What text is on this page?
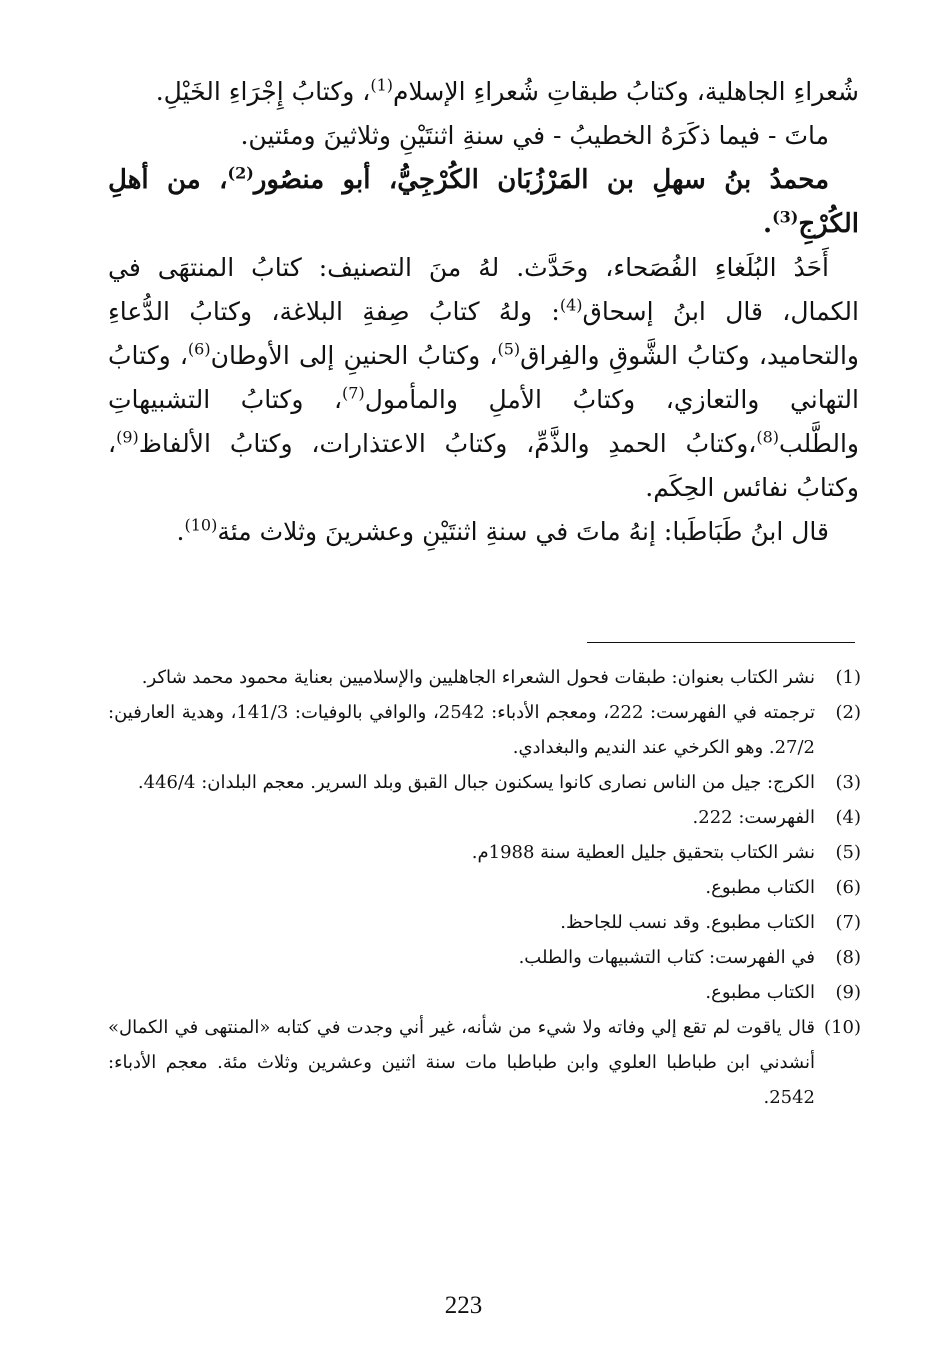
شُعراءِ الجاهلية، وكتابُ طبقاتِ شُعراءِ الإسلام$^{(1)}$، وكتابُ إِجْرَاءِ الخَيْلِ.

ماتَ - فيما ذكَرَهُ الخطيبُ - في سنةِ اثنتَيْنِ وثلاثينَ ومئتين.

محمدُ بنُ سهلِ بن المَرْزُبَان الكُرْجِيُّ، أبو منصُور$^{(2)}$، من أهلِ الكُرْجِ$^{(3)}$.

أَحَدُ البُلَغاءِ الفُصَحاء، وحَدَّث. لهُ منَ التصنيف: كتابُ المنتهَى في الكمال، قال ابنُ إسحاق$^{(4)}$: ولهُ كتابُ صِفةِ البلاغة، وكتابُ الدُّعاءِ والتحاميد، وكتابُ الشَّوقِ والفِراق$^{(5)}$، وكتابُ الحنينِ إلى الأوطان$^{(6)}$، وكتابُ التهاني والتعازي، وكتابُ الأملِ والمأمول$^{(7)}$، وكتابُ التشبيهاتِ والطَّلب$^{(8)}$،وكتابُ الحمدِ والذَّمِّ، وكتابُ الاعتذارات، وكتابُ الألفاظ$^{(9)}$، وكتابُ نفائس الحِكَم.

قال ابنُ طَبَاطَبا: إنهُ ماتَ في سنةِ اثنتَيْنِ وعشرينَ وثلاث مئة$^{(10)}$.

(1)
نشر الكتاب بعنوان: طبقات فحول الشعراء الجاهليين والإسلاميين بعناية محمود محمد شاكر.
(2)
ترجمته في الفهرست: 222، ومعجم الأدباء: 2542، والوافي بالوفيات: 141/3، وهدية العارفين: 27/2. وهو الكرخي عند النديم والبغدادي.
(3)
الكرج: جيل من الناس نصارى كانوا يسكنون جبال القبق وبلد السرير. معجم البلدان: 446/4.
(4)
الفهرست: 222.
(5)
نشر الكتاب بتحقيق جليل العطية سنة 1988م.
(6)
الكتاب مطبوع.
(7)
الكتاب مطبوع. وقد نسب للجاحظ.
(8)
في الفهرست: كتاب التشبيهات والطلب.
(9)
الكتاب مطبوع.
(10)
قال ياقوت لم تقع إلي وفاته ولا شيء من شأنه، غير أني وجدت في كتابه «المنتهى في الكمال» أنشدني ابن طباطبا العلوي وابن طباطبا مات سنة اثنين وعشرين وثلاث مئة. معجم الأدباء: 2542.
223
